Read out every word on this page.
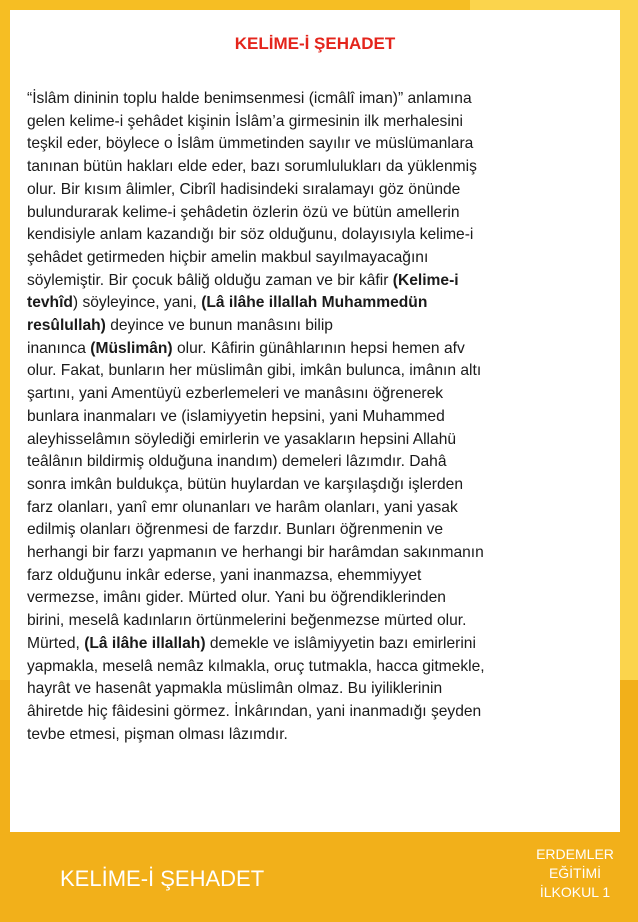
KELİME-İ ŞEHADET
“İslâm dininin toplu halde benimsenmesi (icmâlî iman)” anlamına
gelen kelime-i şehâdet kişinin İslâm’a girmesinin ilk merhalesini
teşkil eder, böylece o İslâm ümmetinden sayılır ve müslümanlara
tanınan bütün hakları elde eder, bazı sorumlulukları da yüklenmiş
olur. Bir kısım âlimler, Cibrîl hadisindeki sıralamayı göz önünde
bulundurarak kelime-i şehâdetin özlerin özü ve bütün amellerin
kendisiyle anlam kazandığı bir söz olduğunu, dolayısıyla kelime-i
şehâdet getirmeden hiçbir amelin makbul sayılmayacağını
söylemiştir. Bir çocuk bâliğ olduğu zaman ve bir kâfir (Kelime-i
tevhîd) söyleyince, yani, (Lâ ilâhe illallah Muhammedün
resûlullah) deyince ve bunun manâsını bilip
inanınca (Müslimân) olur. Kâfirin günâhlarının hepsi hemen afv
olur. Fakat, bunların her müslimân gibi, imkân bulunca, imânın altı
şartını, yani Amentüyü ezberlemeleri ve manâsını öğrenerek
bunlara inanmaları ve (islamiyyetin hepsini, yani Muhammed
aleyhisselâmın söylediği emirlerin ve yasakların hepsini Allahü
teâlânın bildirmiş olduğuna inandım) demeleri lâzımdır. Dahâ
sonra imkân buldukça, bütün huylardan ve karşılaşdığı işlerden
farz olanları, yanî emr olunanları ve harâm olanları, yani yasak
edilmiş olanları öğrenmesi de farzdır. Bunları öğrenmenin ve
herhangi bir farzı yapmanın ve herhangi bir harâmdan sakınmanın
farz olduğunu inkâr ederse, yani inanmazsa, ehemmiyyet
vermezse, imânı gider. Mürted olur. Yani bu öğrendiklerinden
birini, meselâ kadınların örtünmelerini beğenmezse mürted olur.
Mürted, (Lâ ilâhe illallah) demekle ve islâmiyyetin bazı emirlerini
yapmakla, meselâ nemâz kılmakla, oruç tutmakla, hacca gitmekle,
hayrât ve hasenât yapmakla müslimân olmaz. Bu iyiliklerinin
âhiretde hiç fâidesini görmez. İnkârından, yani inanmadığı şeyden
tevbe etmesi, pişman olması lâzımdır.
KELİME-İ ŞEHADET
ERDEMLER
EĞİTİMİ
İLKOKUL 1
